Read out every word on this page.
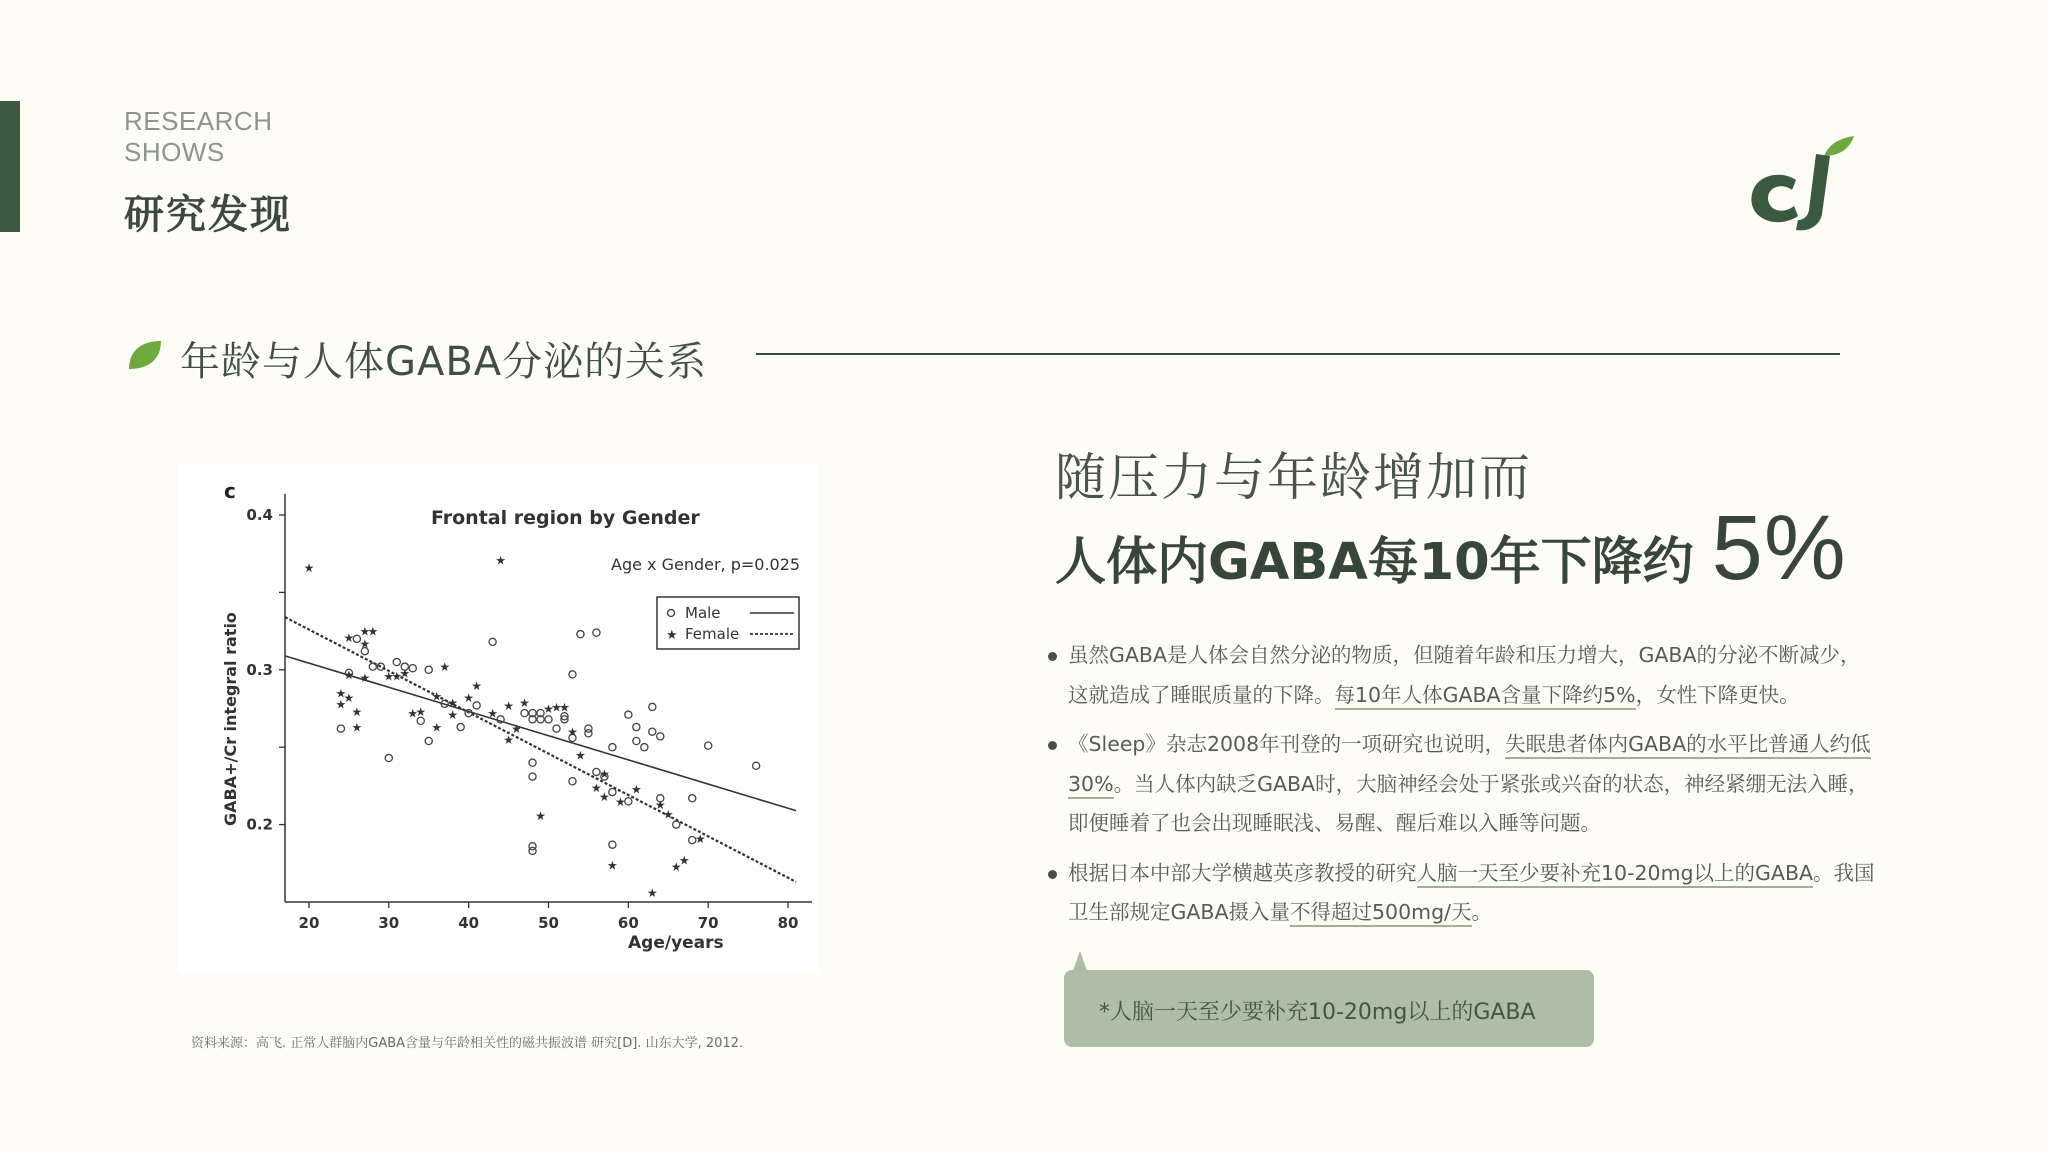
RESEARCH
SHOWS
研究发现
年龄与人体GABA分泌的关系
c
Frontal region by Gender
Age x Gender, p=0.025
GABA+/Cr integral ratio
Age/years
20	30	40	50	60	70	80
0.2
0.3
0.4
★
★
★
★
★
★
★
★
★
★
★
★
★
★
★
★
★
★
★
★
★
★
★
★
★
★
★
★
★
★ ★
★
★
★
★
★
★
★
★
★
★
★
★
★
★
★
★
★
Male
★ Female
资料来源：高飞. 正常人群脑内GABA含量与年龄相关性的磁共振波谱 研究[D]. 山东大学, 2012.
随压力与年龄增加而
人体内GABA每10年下降约 5%
虽然GABA是人体会自然分泌的物质，但随着年龄和压力增大，GABA的分泌不断减少，这就造成了睡眠质量的下降。每10年人体GABA含量下降约5%，女性下降更快。
《Sleep》杂志2008年刊登的一项研究也说明，失眠患者体内GABA的水平比普通人约低30%。当人体内缺乏GABA时，大脑神经会处于紧张或兴奋的状态，神经紧绷无法入睡，即便睡着了也会出现睡眠浅、易醒、醒后难以入睡等问题。
根据日本中部大学横越英彦教授的研究人脑一天至少要补充10-20mg以上的GABA。我国卫生部规定GABA摄入量不得超过500mg/天。
*人脑一天至少要补充10-20mg以上的GABA
